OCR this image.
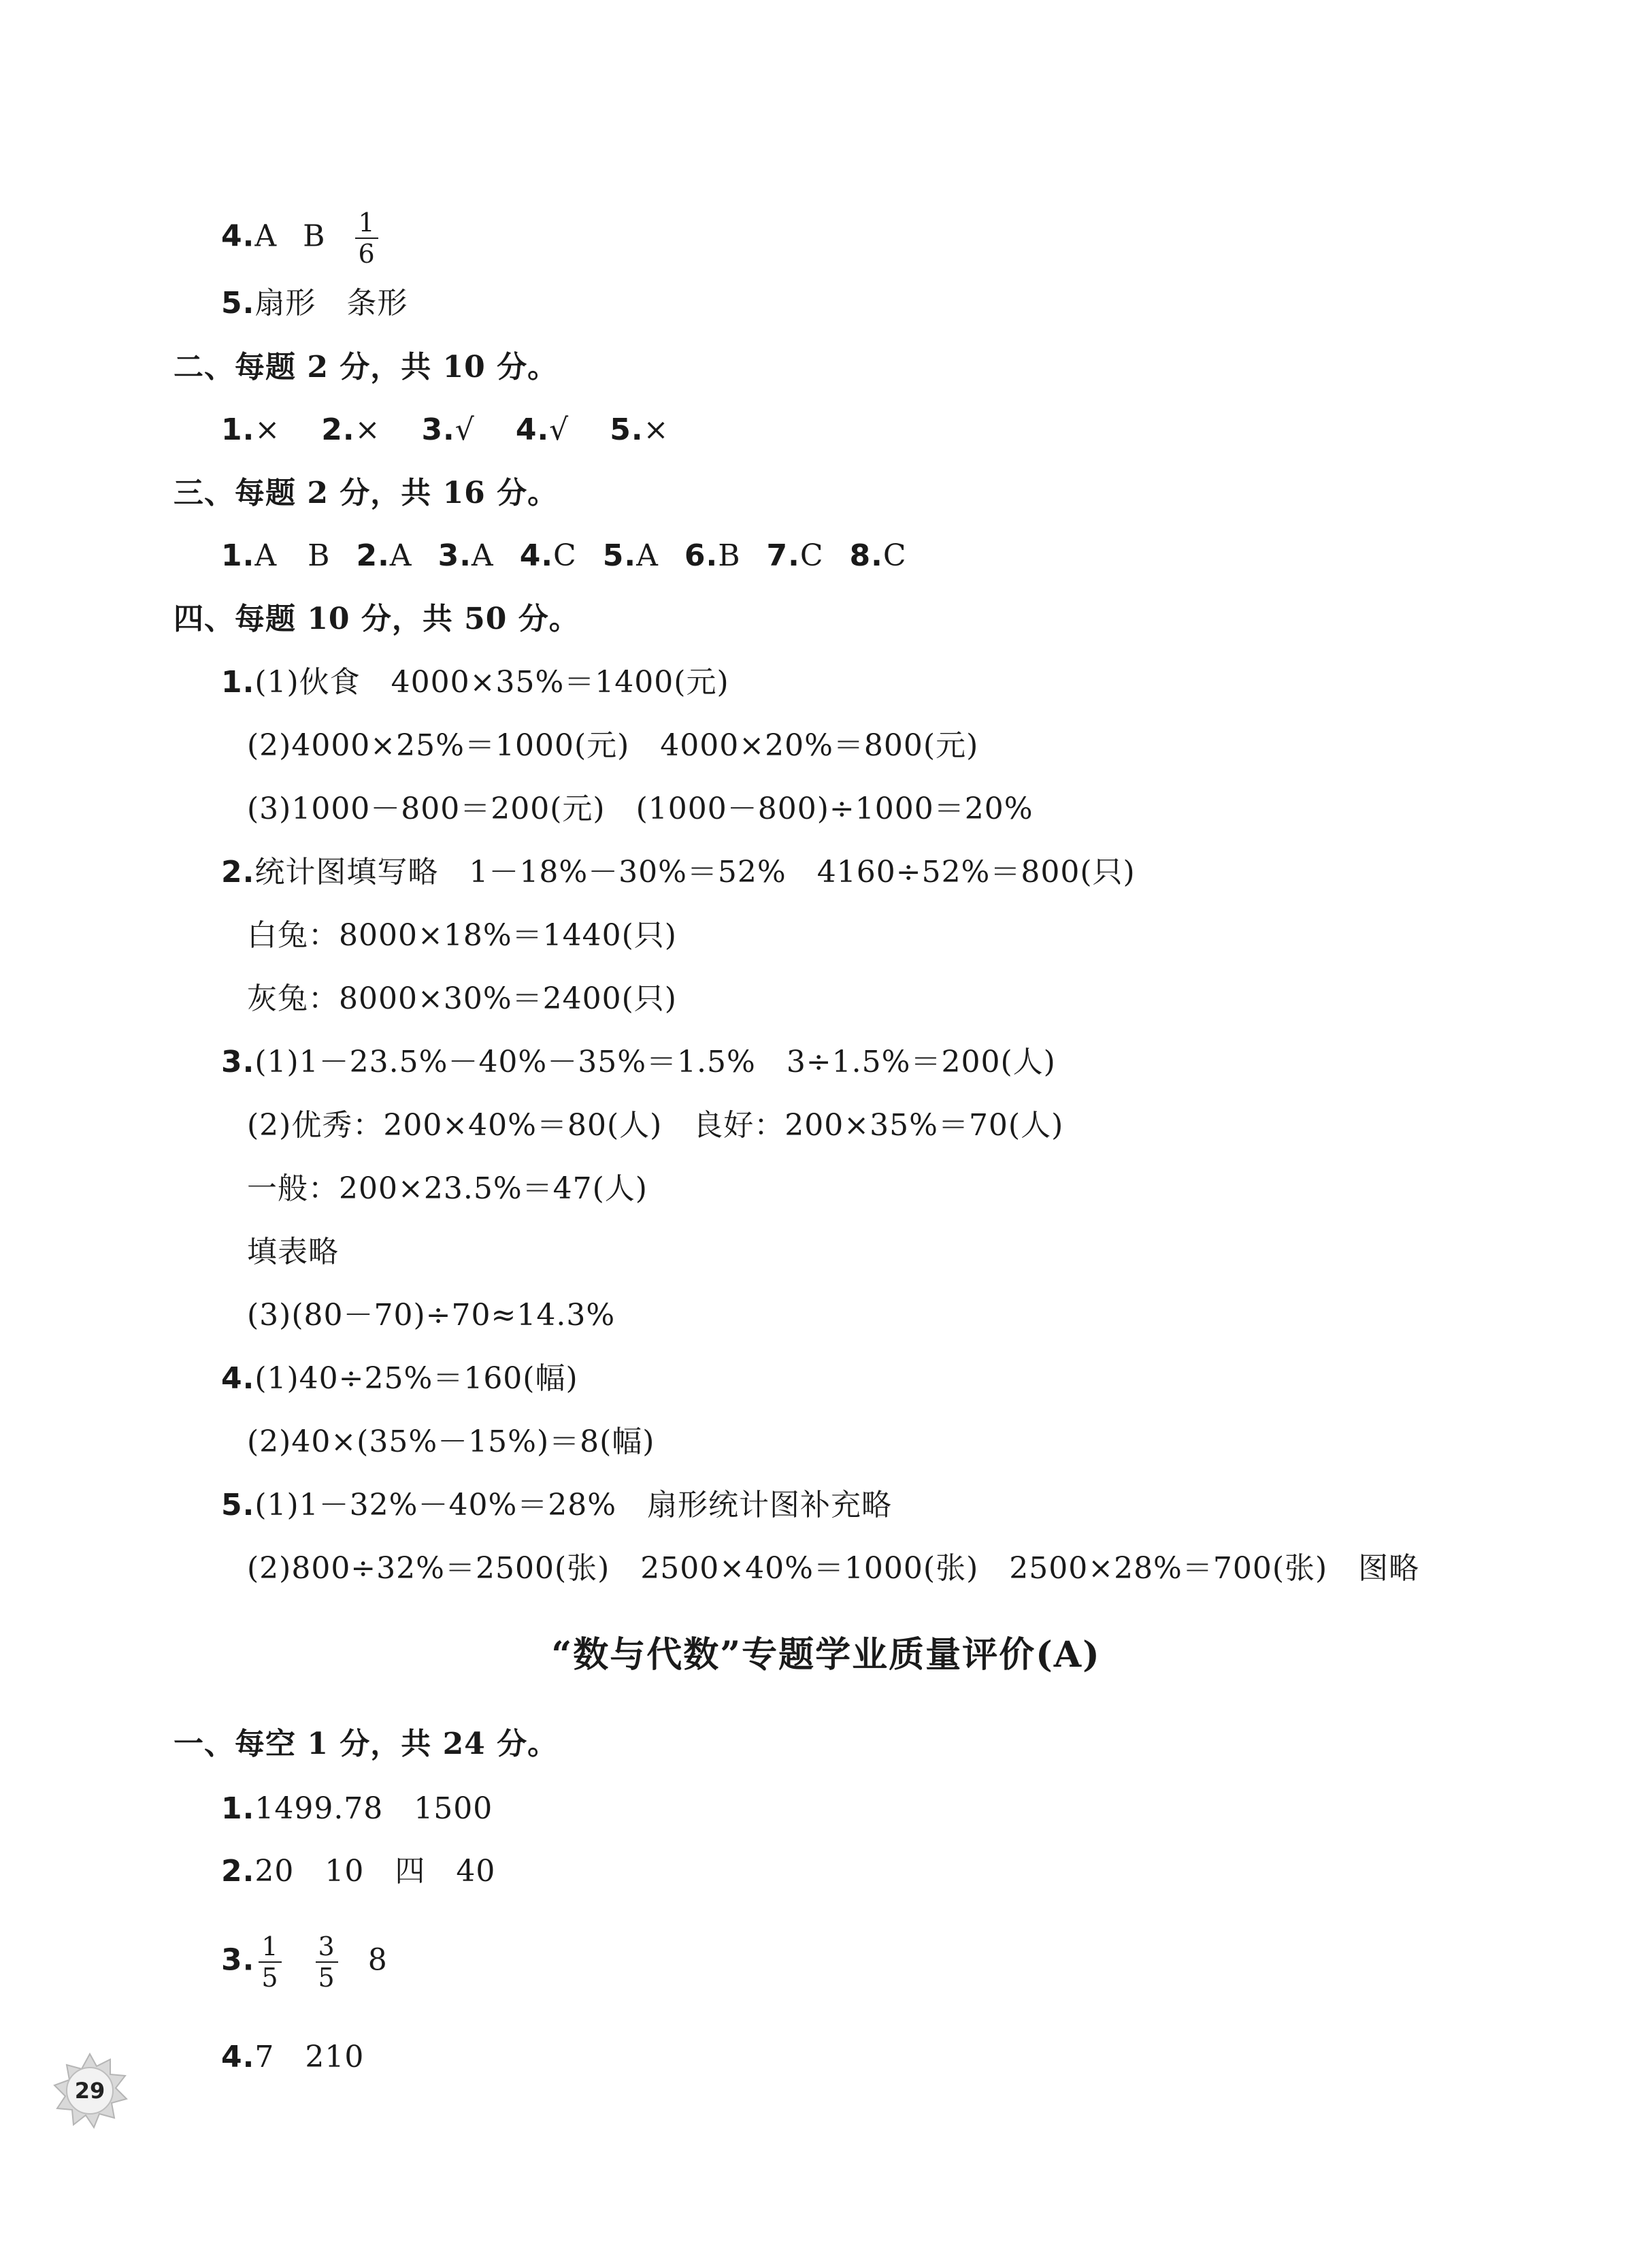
4.A B $\frac{1}{6}$
5.扇形　条形
二、每题 2 分，共 10 分。
1.× 2.× 3.√ 4.√ 5.×
三、每题 2 分，共 16 分。
1.A　B 2.A 3.A 4.C 5.A 6.B 7.C 8.C
四、每题 10 分，共 50 分。
1.(1)伙食　4000×35%＝1400(元)
(2)4000×25%＝1000(元)　4000×20%＝800(元)
(3)1000－800＝200(元)　(1000－800)÷1000＝20%
2.统计图填写略　1－18%－30%＝52%　4160÷52%＝800(只)
白兔：8000×18%＝1440(只)
灰兔：8000×30%＝2400(只)
3.(1)1－23.5%－40%－35%＝1.5%　3÷1.5%＝200(人)
(2)优秀：200×40%＝80(人)　良好：200×35%＝70(人)
一般：200×23.5%＝47(人)
填表略
(3)(80－70)÷70≈14.3%
4.(1)40÷25%＝160(幅)
(2)40×(35%－15%)＝8(幅)
5.(1)1－32%－40%＝28%　扇形统计图补充略
(2)800÷32%＝2500(张)　2500×40%＝1000(张)　2500×28%＝700(张)　图略
“数与代数”专题学业质量评价(A)
一、每空 1 分，共 24 分。
1.1499.78　1500
2.20　10　四　40
3. $\frac{1}{5} \frac{3}{5} 8$
4.7　210
29
